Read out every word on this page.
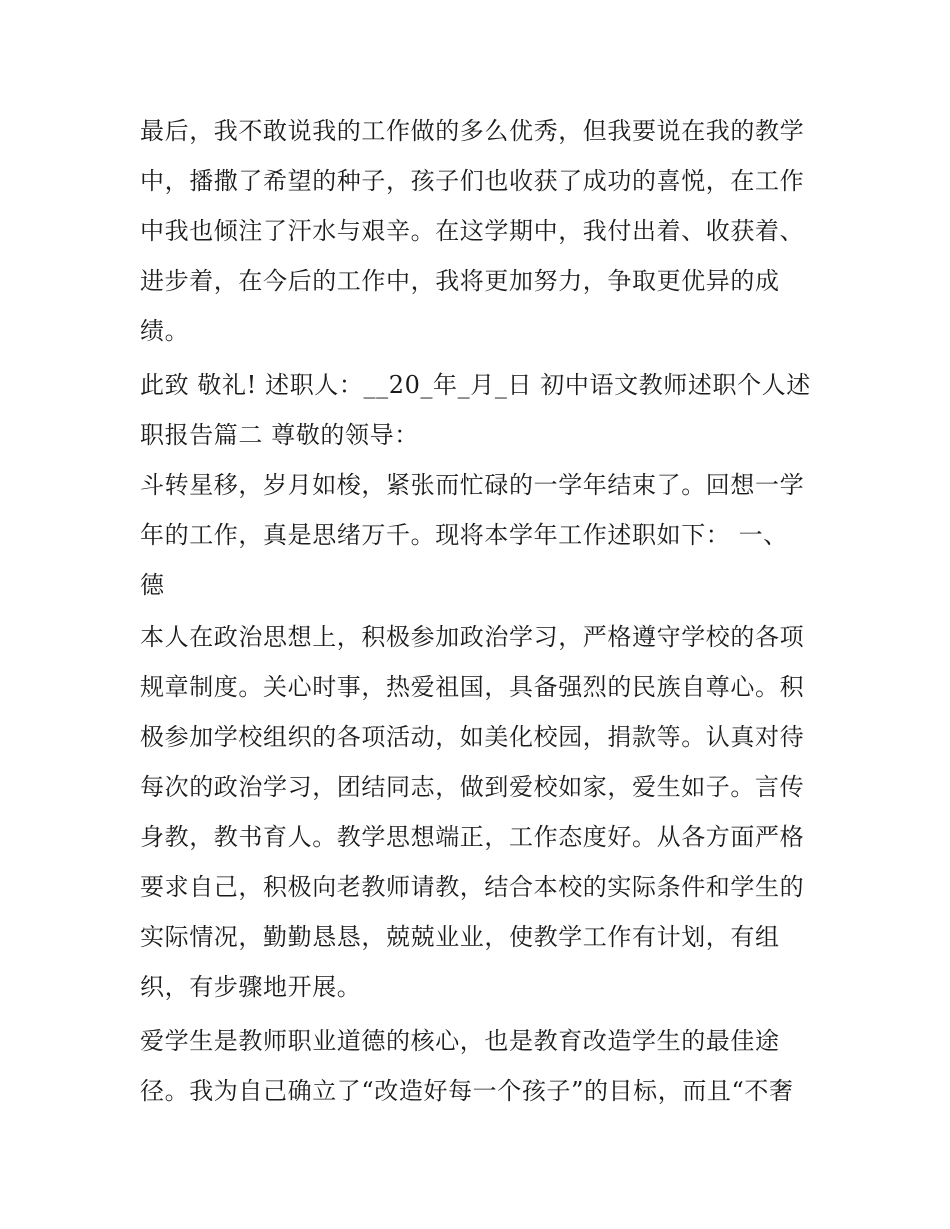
最后，我不敢说我的工作做的多么优秀，但我要说在我的教学
中，播撒了希望的种子，孩子们也收获了成功的喜悦，在工作
中我也倾注了汗水与艰辛。在这学期中，我付出着、收获着、
进步着，在今后的工作中，我将更加努力，争取更优异的成
绩。
此致 敬礼! 述职人：__20_年_月_日 初中语文教师述职个人述
职报告篇二 尊敬的领导：
斗转星移，岁月如梭，紧张而忙碌的一学年结束了。回想一学
年的工作，真是思绪万千。现将本学年工作述职如下： 一、
德
本人在政治思想上，积极参加政治学习，严格遵守学校的各项
规章制度。关心时事，热爱祖国，具备强烈的民族自尊心。积
极参加学校组织的各项活动，如美化校园，捐款等。认真对待
每次的政治学习，团结同志，做到爱校如家，爱生如子。言传
身教，教书育人。教学思想端正，工作态度好。从各方面严格
要求自己，积极向老教师请教，结合本校的实际条件和学生的
实际情况，勤勤恳恳，兢兢业业，使教学工作有计划，有组
织，有步骤地开展。
爱学生是教师职业道德的核心，也是教育改造学生的最佳途
径。我为自己确立了“改造好每一个孩子”的目标，而且“不奢
